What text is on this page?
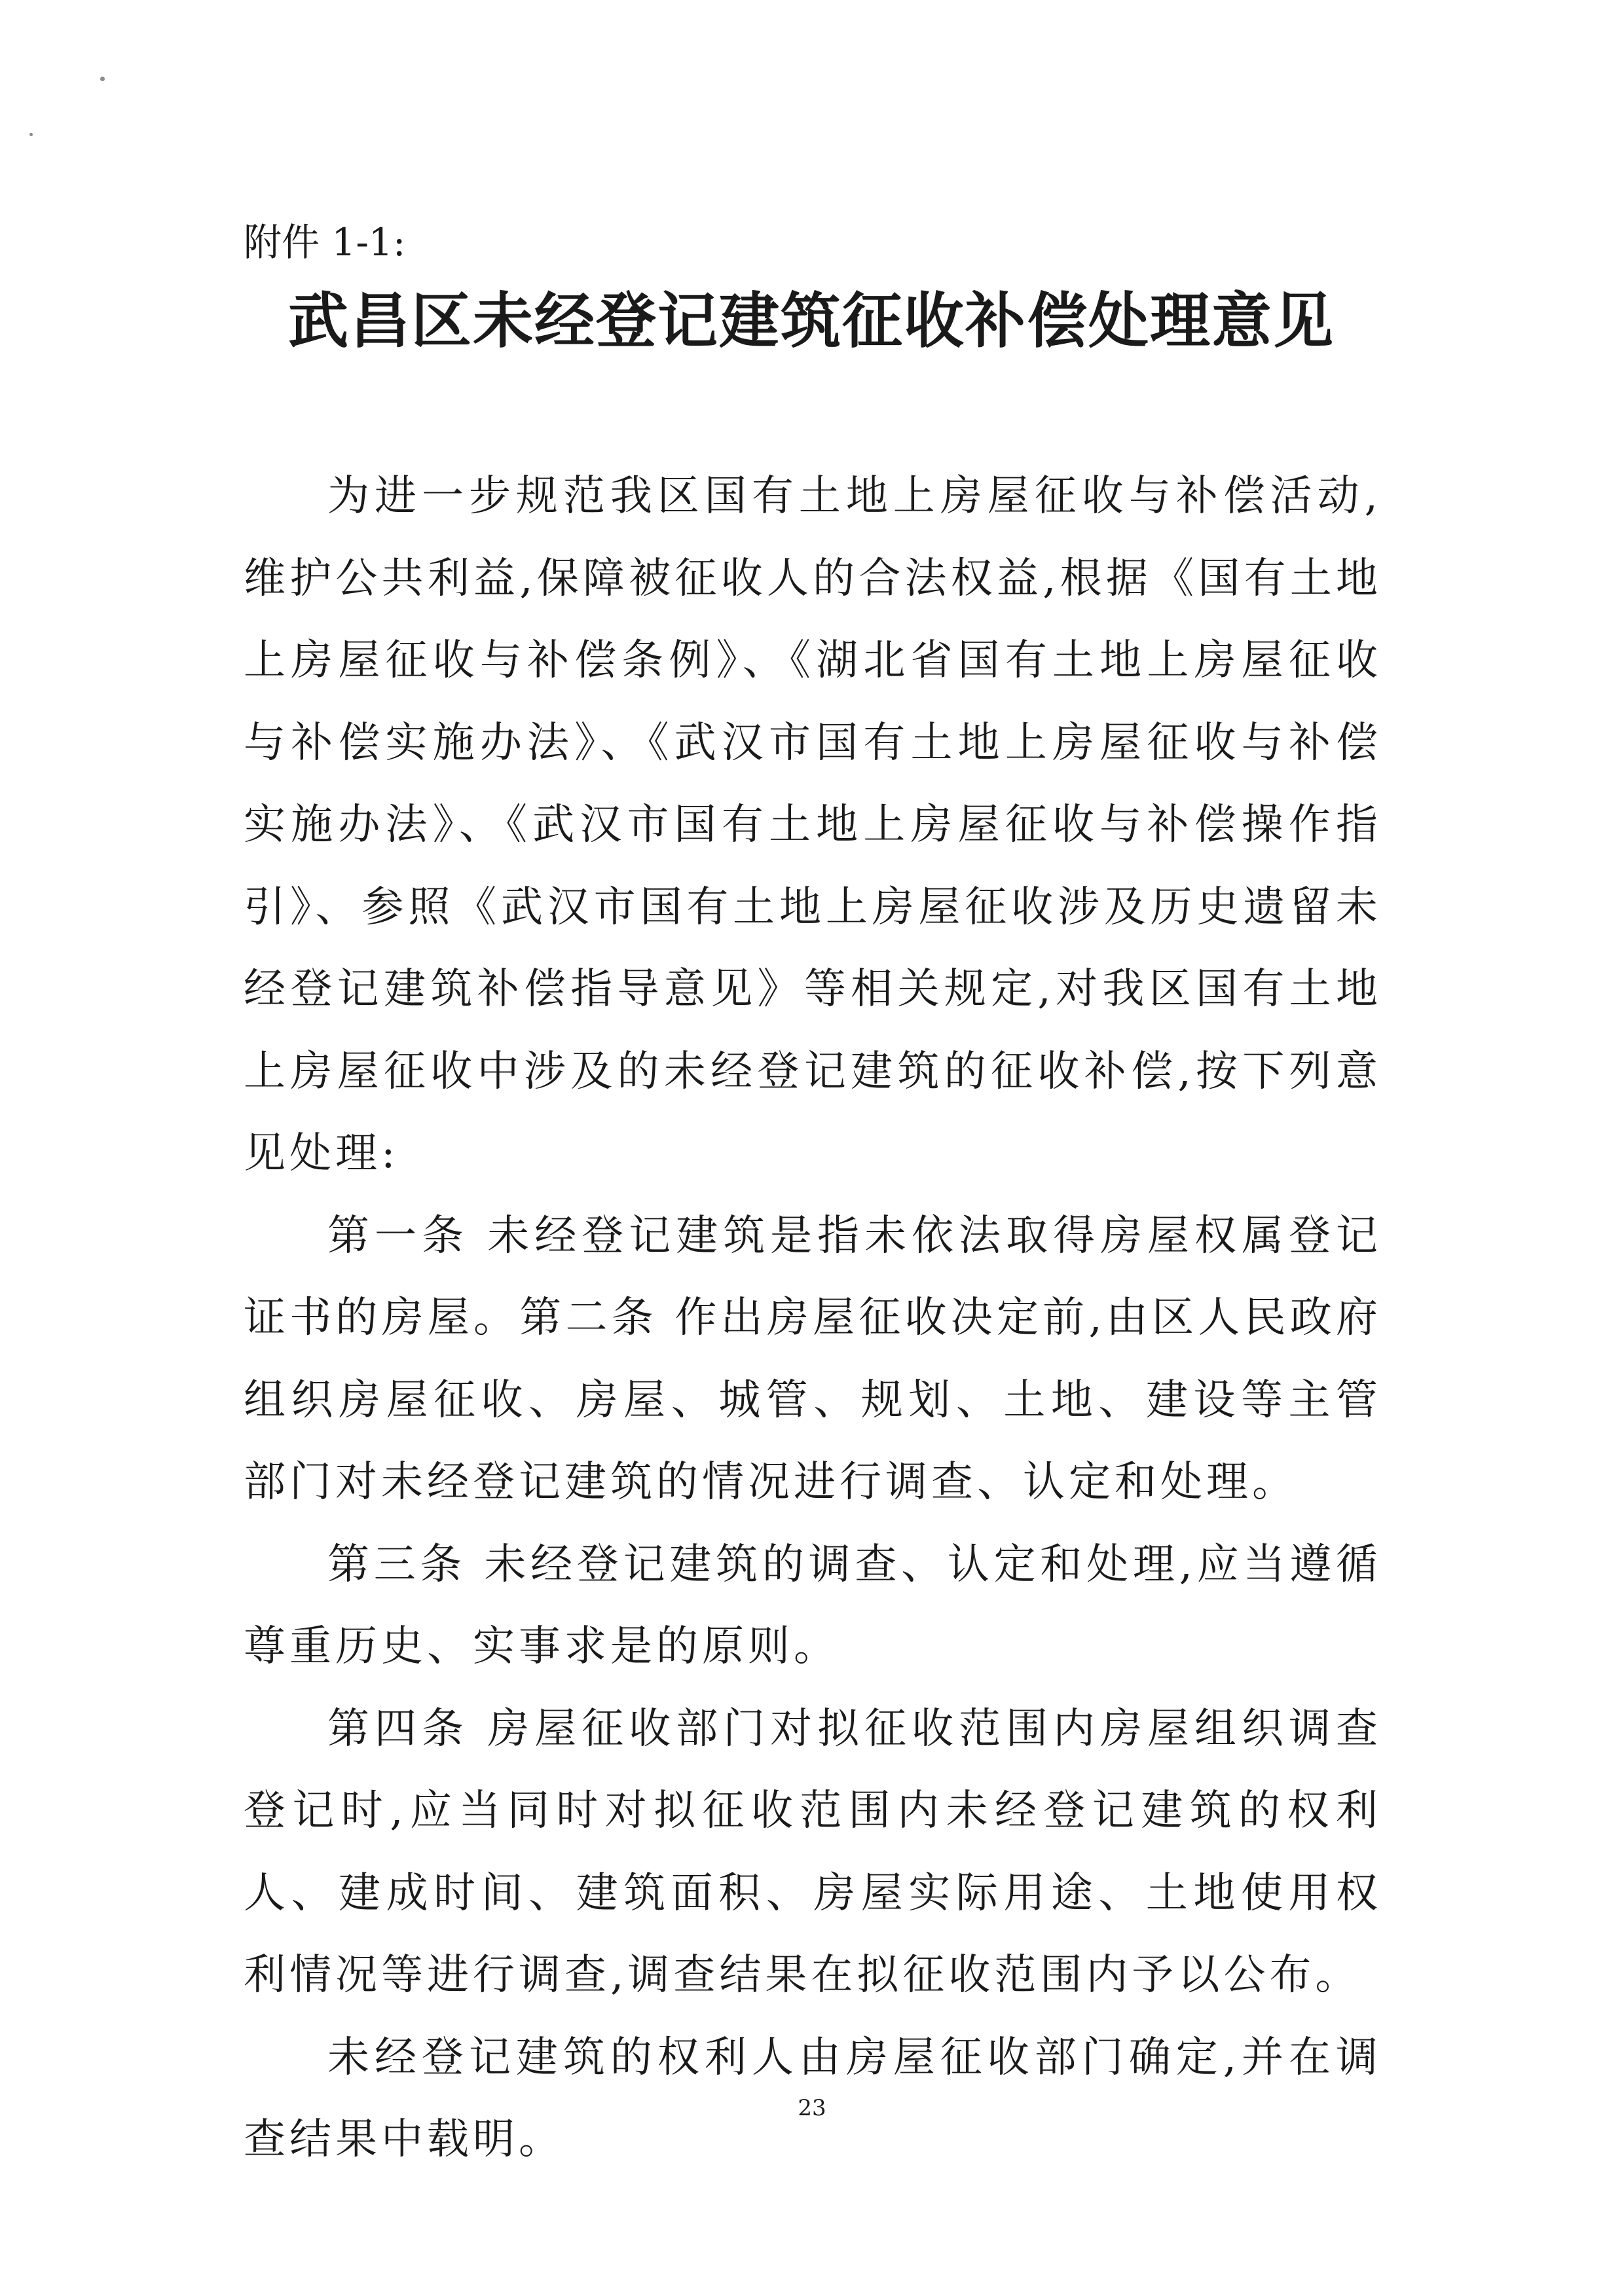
附件 1-1:
武昌区未经登记建筑征收补偿处理意见

为进一步规范我区国有土地上房屋征收与补偿活动,维护公共利益,保障被征收人的合法权益,根据《国有土地上房屋征收与补偿条例》、《湖北省国有土地上房屋征收与补偿实施办法》、《武汉市国有土地上房屋征收与补偿实施办法》、《武汉市国有土地上房屋征收与补偿操作指引》、参照《武汉市国有土地上房屋征收涉及历史遗留未经登记建筑补偿指导意见》等相关规定,对我区国有土地上房屋征收中涉及的未经登记建筑的征收补偿,按下列意见处理:

第一条 未经登记建筑是指未依法取得房屋权属登记证书的房屋。第二条 作出房屋征收决定前,由区人民政府组织房屋征收、房屋、城管、规划、土地、建设等主管部门对未经登记建筑的情况进行调查、认定和处理。

第三条 未经登记建筑的调查、认定和处理,应当遵循尊重历史、实事求是的原则。

第四条 房屋征收部门对拟征收范围内房屋组织调查登记时,应当同时对拟征收范围内未经登记建筑的权利人、建成时间、建筑面积、房屋实际用途、土地使用权利情况等进行调查,调查结果在拟征收范围内予以公布。

未经登记建筑的权利人由房屋征收部门确定,并在调查结果中载明。

23
